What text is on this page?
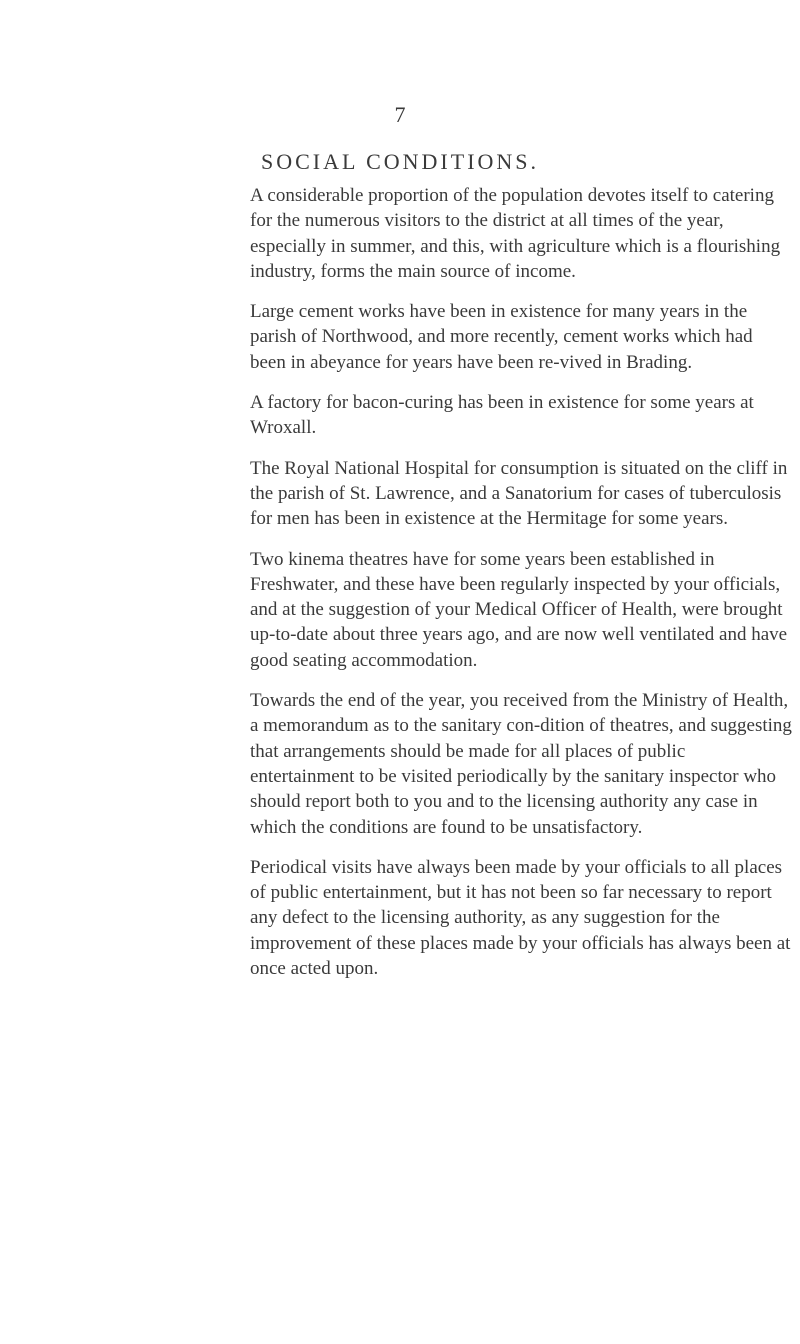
7
SOCIAL CONDITIONS.

A considerable proportion of the population devotes itself to catering for the numerous visitors to the district at all times of the year, especially in summer, and this, with agriculture which is a flourishing industry, forms the main source of income.

Large cement works have been in existence for many years in the parish of Northwood, and more recently, cement works which had been in abeyance for years have been re-vived in Brading.

A factory for bacon-curing has been in existence for some years at Wroxall.

The Royal National Hospital for consumption is situated on the cliff in the parish of St. Lawrence, and a Sanatorium for cases of tuberculosis for men has been in existence at the Hermitage for some years.

Two kinema theatres have for some years been established in Freshwater, and these have been regularly inspected by your officials, and at the suggestion of your Medical Officer of Health, were brought up-to-date about three years ago, and are now well ventilated and have good seating accommodation.

Towards the end of the year, you received from the Ministry of Health, a memorandum as to the sanitary con-dition of theatres, and suggesting that arrangements should be made for all places of public entertainment to be visited periodically by the sanitary inspector who should report both to you and to the licensing authority any case in which the conditions are found to be unsatisfactory.

Periodical visits have always been made by your officials to all places of public entertainment, but it has not been so far necessary to report any defect to the licensing authority, as any suggestion for the improvement of these places made by your officials has always been at once acted upon.
